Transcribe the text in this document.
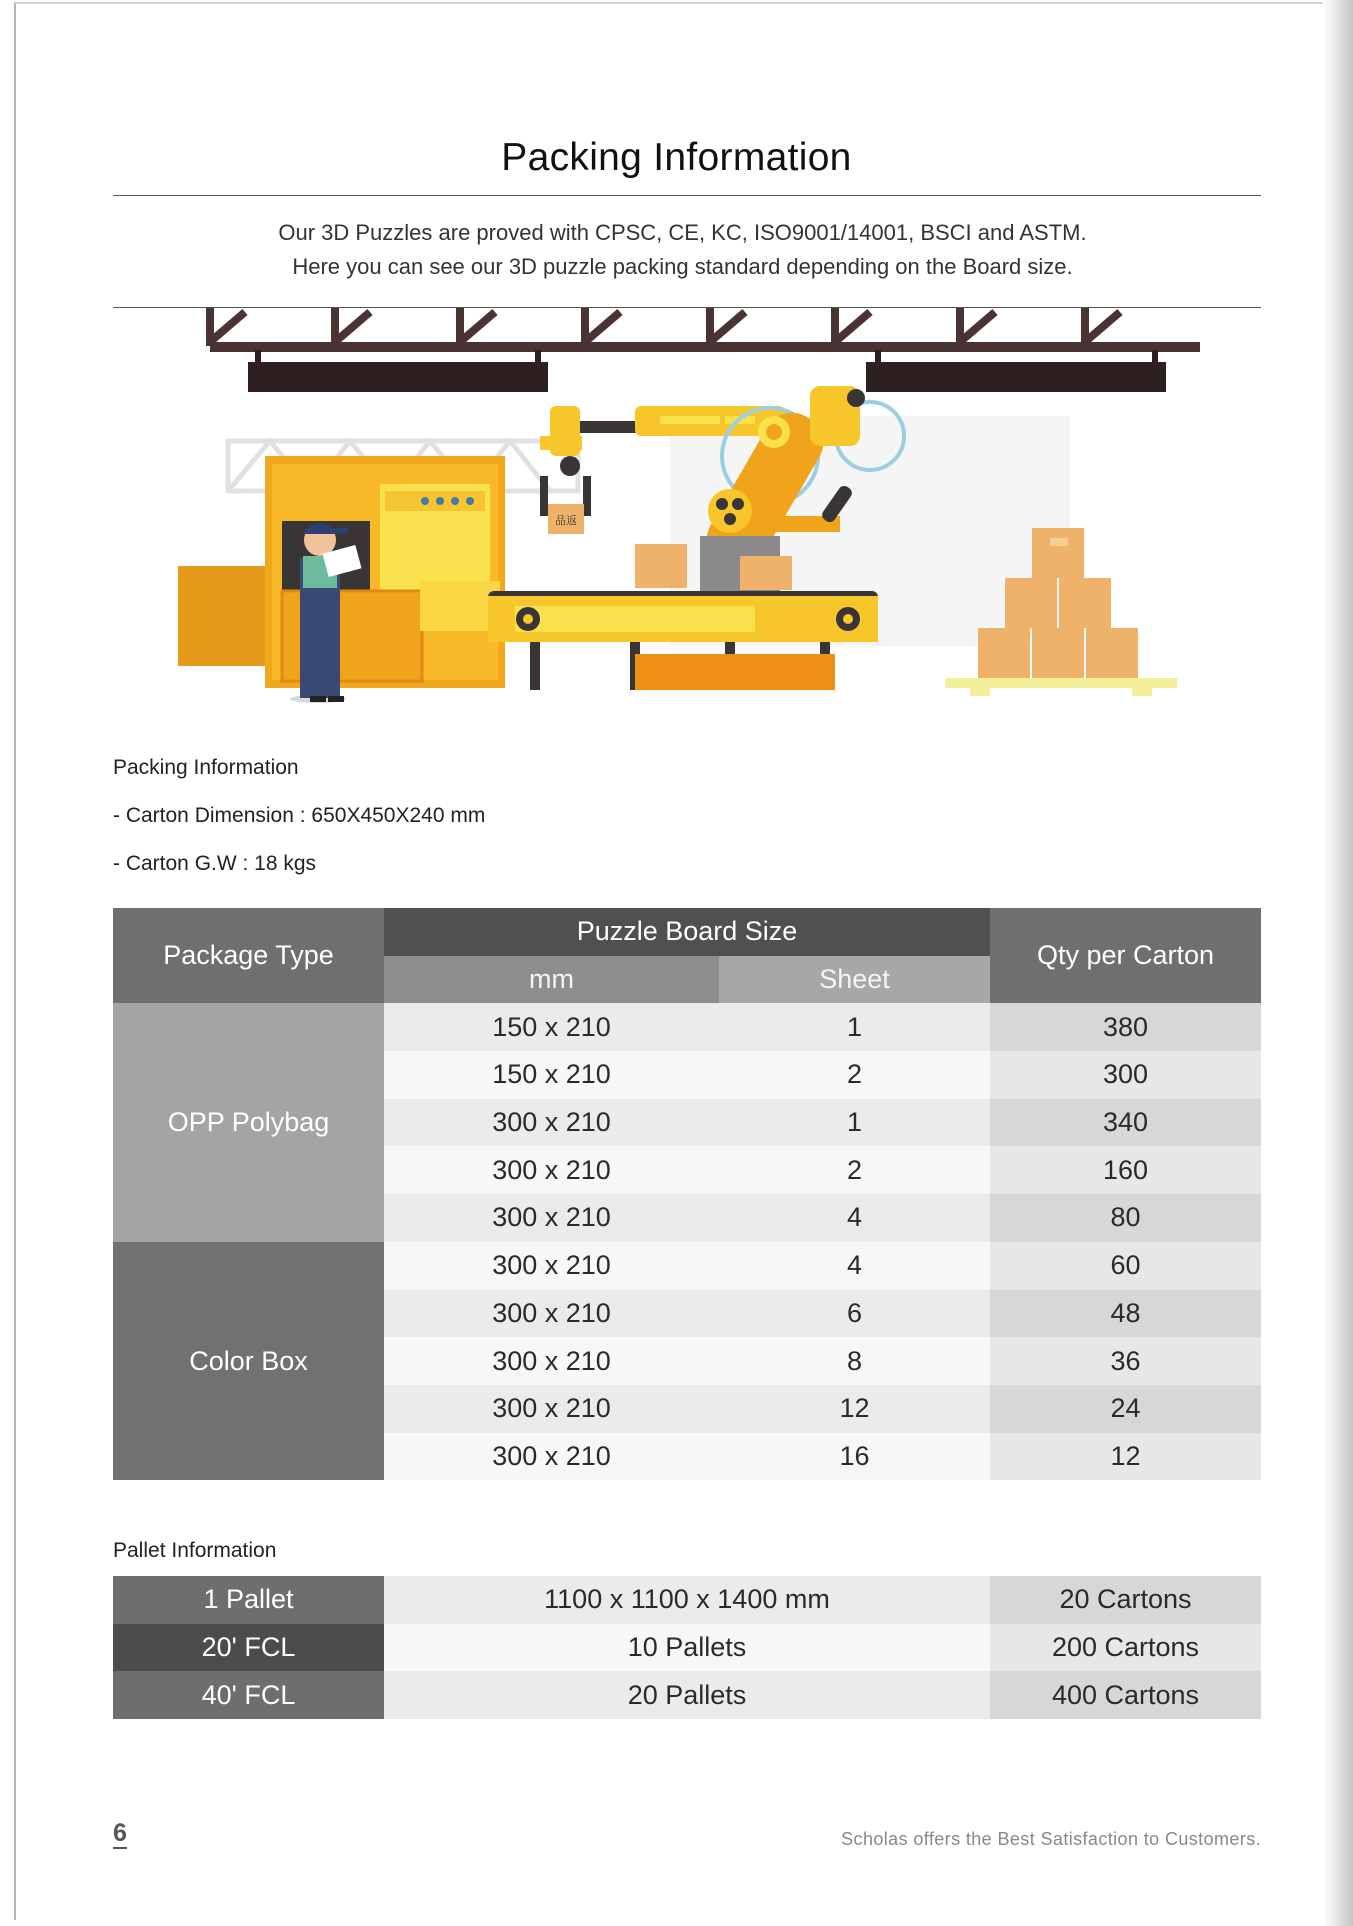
Packing Information
Our 3D Puzzles are proved with CPSC, CE, KC, ISO9001/14001, BSCI and ASTM.
Here you can see our 3D puzzle packing standard depending on the Board size.
品返
Packing Information
- Carton Dimension : 650X450X240 mm
- Carton G.W : 18 kgs
Package Type	Puzzle Board Size		Qty per Carton
	mm	Sheet	
OPP Polybag	150 x 210	1	380
	150 x 210	2	300
	300 x 210	1	340
	300 x 210	2	160
	300 x 210	4	80
Color Box	300 x 210	4	60
	300 x 210	6	48
	300 x 210	8	36
	300 x 210	12	24
	300 x 210	16	12
Pallet Information
1 Pallet	1100 x 1100 x 1400 mm	20 Cartons
20' FCL	10 Pallets	200 Cartons
40' FCL	20 Pallets	400 Cartons
6	Scholas offers the Best Satisfaction to Customers.
